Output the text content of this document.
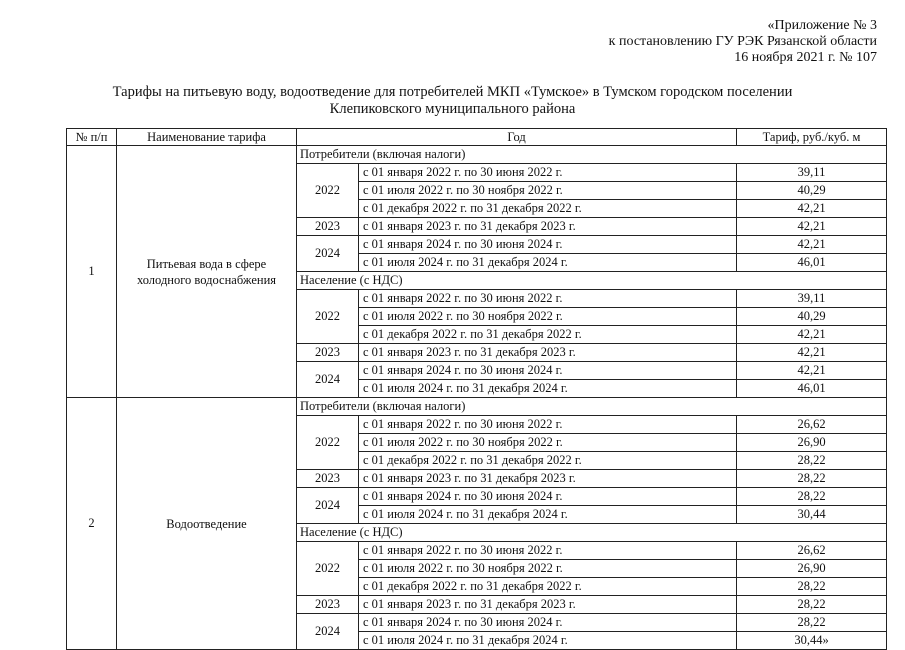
«Приложение № 3
к постановлению ГУ РЭК Рязанской области
16 ноября 2021 г. № 107
Тарифы на питьевую воду, водоотведение для потребителей МКП «Тумское» в Тумском городском поселении
Клепиковского муниципального района
№ п/п	Наименование тарифа	Год		Тариф, руб./куб. м
1	Питьевая вода в сфере холодного водоснабжения	Потребители (включая налоги)		
		2022	с 01 января 2022 г. по 30 июня 2022 г.	39,11
			с 01 июля 2022 г. по 30 ноября 2022 г.	40,29
			с 01 декабря 2022 г. по 31 декабря 2022 г.	42,21
		2023	с 01 января 2023 г. по 31 декабря 2023 г.	42,21
		2024	с 01 января 2024 г. по 30 июня 2024 г.	42,21
			с 01 июля 2024 г. по 31 декабря 2024 г.	46,01
		Население (с НДС)		
		2022	с 01 января 2022 г. по 30 июня 2022 г.	39,11
			с 01 июля 2022 г. по 30 ноября 2022 г.	40,29
			с 01 декабря 2022 г. по 31 декабря 2022 г.	42,21
		2023	с 01 января 2023 г. по 31 декабря 2023 г.	42,21
		2024	с 01 января 2024 г. по 30 июня 2024 г.	42,21
			с 01 июля 2024 г. по 31 декабря 2024 г.	46,01
2	Водоотведение	Потребители (включая налоги)		
		2022	с 01 января 2022 г. по 30 июня 2022 г.	26,62
			с 01 июля 2022 г. по 30 ноября 2022 г.	26,90
			с 01 декабря 2022 г. по 31 декабря 2022 г.	28,22
		2023	с 01 января 2023 г. по 31 декабря 2023 г.	28,22
		2024	с 01 января 2024 г. по 30 июня 2024 г.	28,22
			с 01 июля 2024 г. по 31 декабря 2024 г.	30,44
		Население (с НДС)		
		2022	с 01 января 2022 г. по 30 июня 2022 г.	26,62
			с 01 июля 2022 г. по 30 ноября 2022 г.	26,90
			с 01 декабря 2022 г. по 31 декабря 2022 г.	28,22
		2023	с 01 января 2023 г. по 31 декабря 2023 г.	28,22
		2024	с 01 января 2024 г. по 30 июня 2024 г.	28,22
			с 01 июля 2024 г. по 31 декабря 2024 г.	30,44»
